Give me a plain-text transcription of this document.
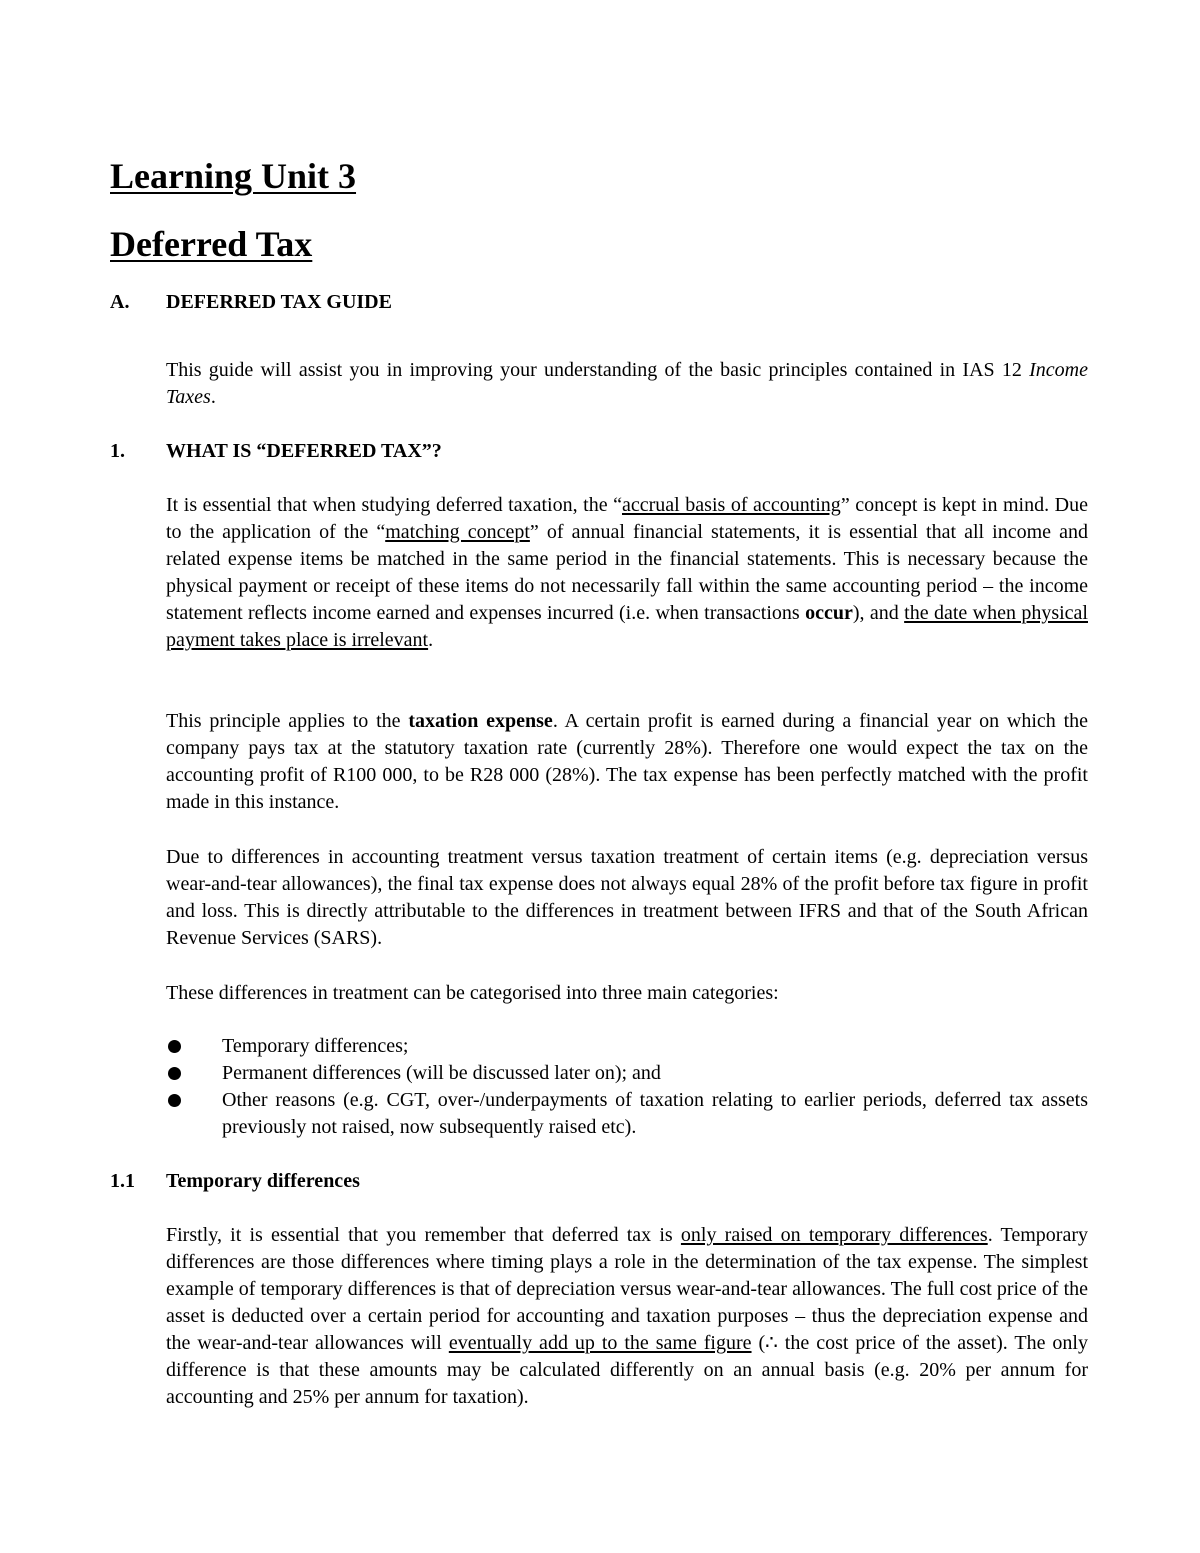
Learning Unit 3
Deferred Tax
A. DEFERRED TAX GUIDE
This guide will assist you in improving your understanding of the basic principles contained in IAS 12 Income Taxes.
1. WHAT IS “DEFERRED TAX”?
It is essential that when studying deferred taxation, the “accrual basis of accounting” concept is kept in mind. Due to the application of the “matching concept” of annual financial statements, it is essential that all income and related expense items be matched in the same period in the financial statements. This is necessary because the physical payment or receipt of these items do not necessarily fall within the same accounting period – the income statement reflects income earned and expenses incurred (i.e. when transactions occur), and the date when physical payment takes place is irrelevant.
This principle applies to the taxation expense. A certain profit is earned during a financial year on which the company pays tax at the statutory taxation rate (currently 28%). Therefore one would expect the tax on the accounting profit of R100 000, to be R28 000 (28%). The tax expense has been perfectly matched with the profit made in this instance.
Due to differences in accounting treatment versus taxation treatment of certain items (e.g. depreciation versus wear-and-tear allowances), the final tax expense does not always equal 28% of the profit before tax figure in profit and loss. This is directly attributable to the differences in treatment between IFRS and that of the South African Revenue Services (SARS).
These differences in treatment can be categorised into three main categories:
Temporary differences;
Permanent differences (will be discussed later on); and
Other reasons (e.g. CGT, over-/underpayments of taxation relating to earlier periods, deferred tax assets previously not raised, now subsequently raised etc).
1.1 Temporary differences
Firstly, it is essential that you remember that deferred tax is only raised on temporary differences. Temporary differences are those differences where timing plays a role in the determination of the tax expense. The simplest example of temporary differences is that of depreciation versus wear-and-tear allowances. The full cost price of the asset is deducted over a certain period for accounting and taxation purposes – thus the depreciation expense and the wear-and-tear allowances will eventually add up to the same figure (∴ the cost price of the asset). The only difference is that these amounts may be calculated differently on an annual basis (e.g. 20% per annum for accounting and 25% per annum for taxation).
